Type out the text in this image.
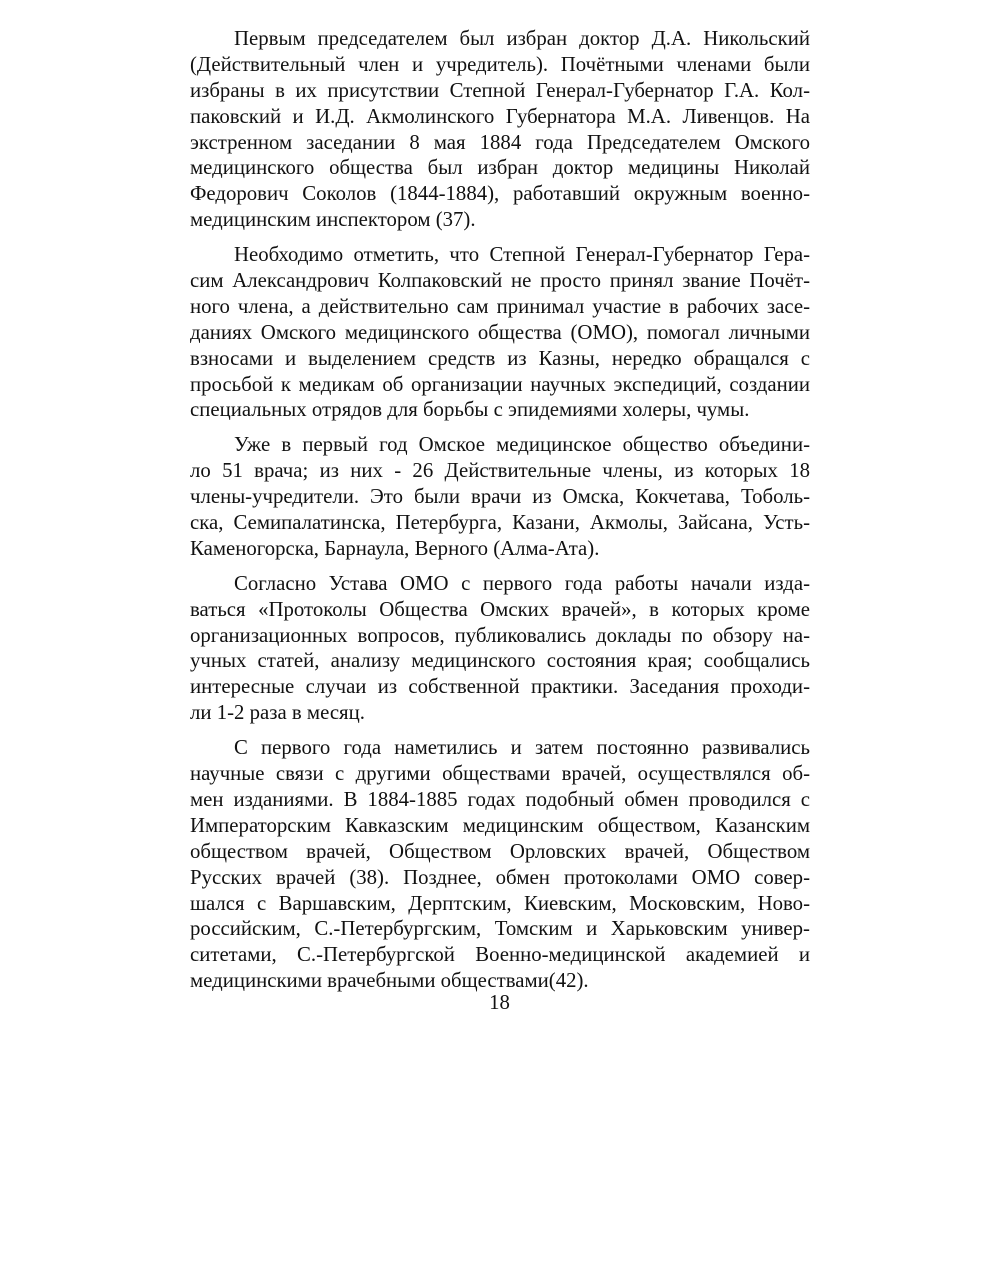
Первым председателем был избран доктор Д.А. Никольский
(Действительный член и учредитель). Почётными членами были
избраны в их присутствии Степной Генерал-Губернатор Г.А. Кол-
паковский и И.Д. Акмолинского Губернатора М.А. Ливенцов. На
экстренном заседании 8 мая 1884 года Председателем Омского
медицинского общества был избран доктор медицины Николай
Федорович Соколов (1844-1884), работавший окружным военно-
медицинским инспектором (37).
Необходимо отметить, что Степной Генерал-Губернатор Гера-
сим Александрович Колпаковский не просто принял звание Почёт-
ного члена, а действительно сам принимал участие в рабочих засе-
даниях Омского медицинского общества (ОМО), помогал личными
взносами и выделением средств из Казны, нередко обращался с
просьбой к медикам об организации научных экспедиций, создании
специальных отрядов для борьбы с эпидемиями холеры, чумы.
Уже в первый год Омское медицинское общество объедини-
ло 51 врача; из них - 26 Действительные члены, из которых 18
члены-учредители. Это были врачи из Омска, Кокчетава, Тоболь-
ска, Семипалатинска, Петербурга, Казани, Акмолы, Зайсана, Усть-
Каменогорска, Барнаула, Верного (Алма-Ата).
Согласно Устава ОМО с первого года работы начали изда-
ваться «Протоколы Общества Омских врачей», в которых кроме
организационных вопросов, публиковались доклады по обзору на-
учных статей, анализу медицинского состояния края; сообщались
интересные случаи из собственной практики. Заседания проходи-
ли 1-2 раза в месяц.
С первого года наметились и затем постоянно развивались
научные связи с другими обществами врачей, осуществлялся об-
мен изданиями. В 1884-1885 годах подобный обмен проводился с
Императорским Кавказским медицинским обществом, Казанским
обществом врачей, Обществом Орловских врачей, Обществом
Русских врачей (38). Позднее, обмен протоколами ОМО совер-
шался с Варшавским, Дерптским, Киевским, Московским, Ново-
российским, С.-Петербургским, Томским и Харьковским универ-
ситетами, С.-Петербургской Военно-медицинской академией и
медицинскими врачебными обществами(42).
18
